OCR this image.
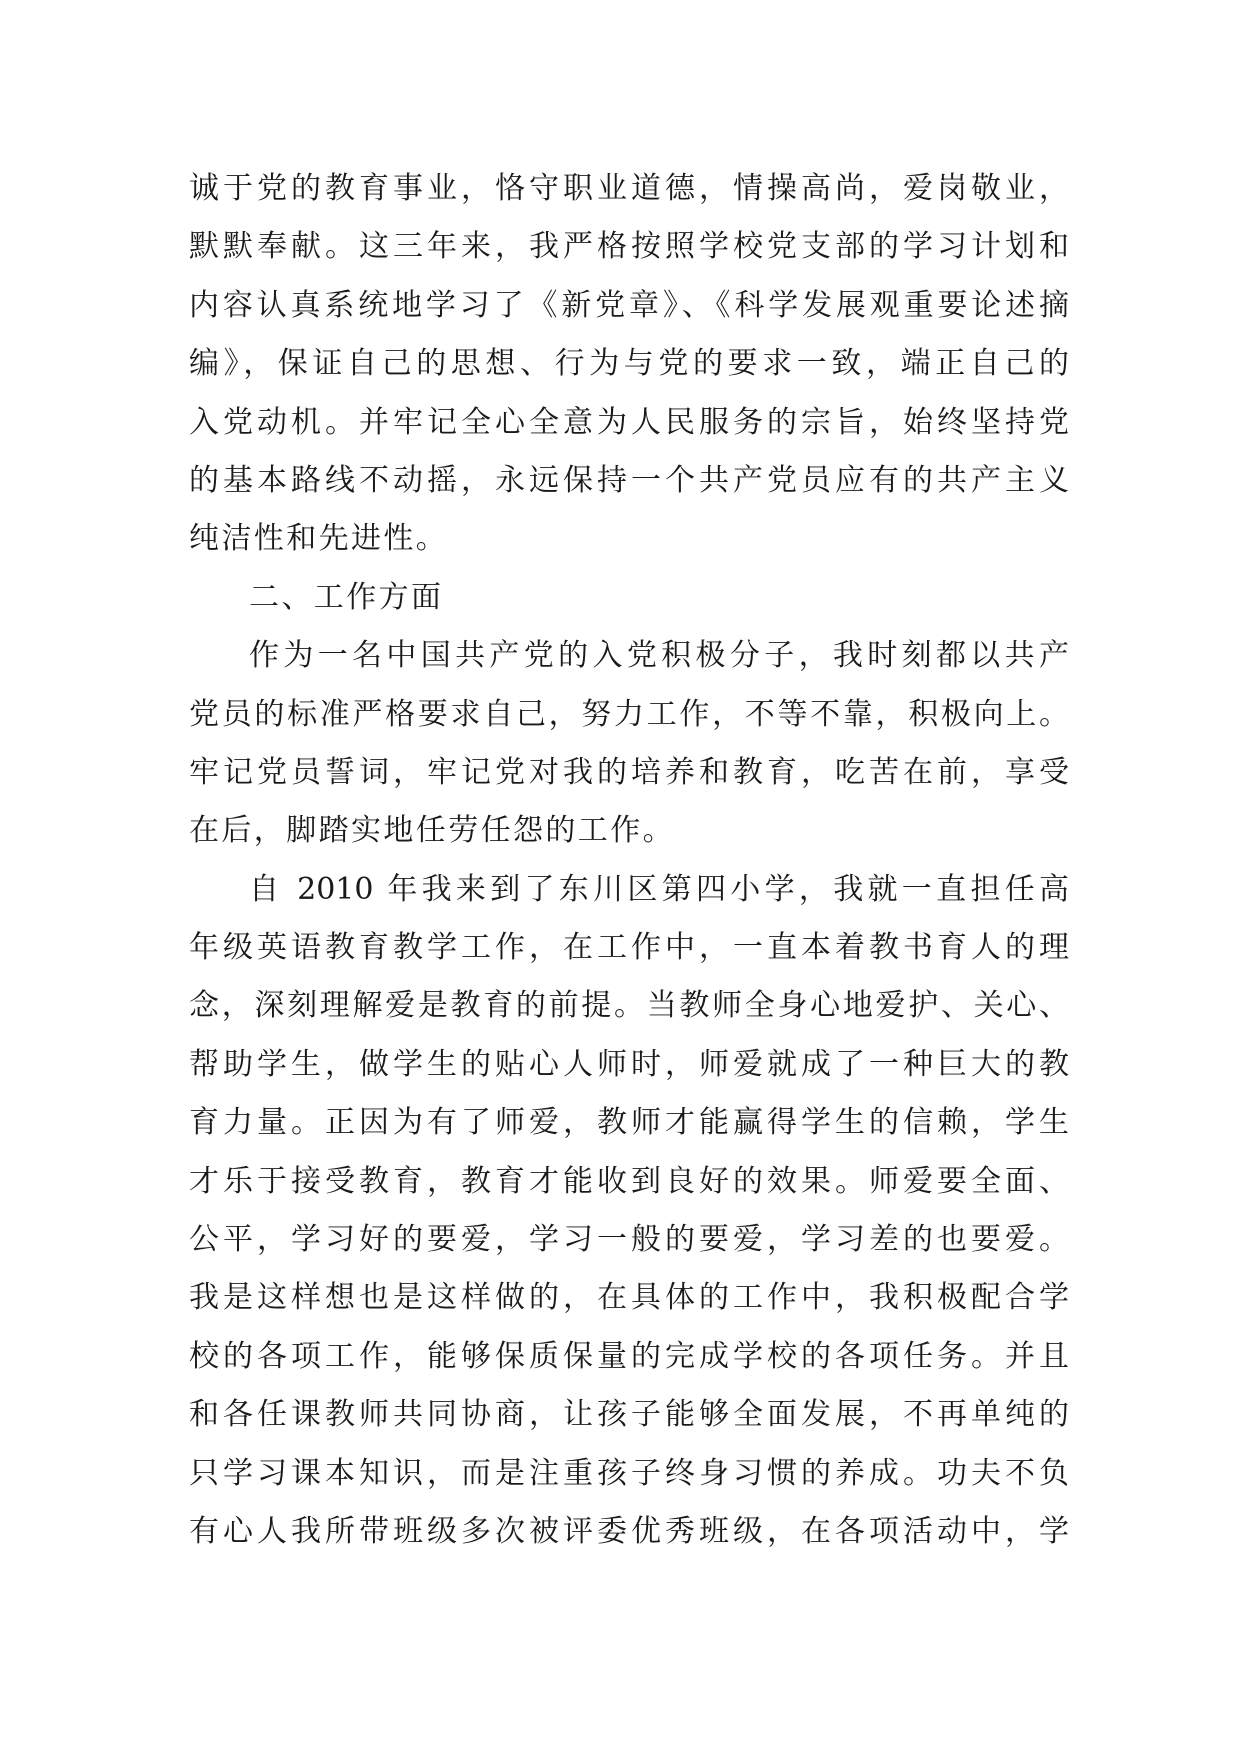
诚于党的教育事业，恪守职业道德，情操高尚，爱岗敬业，
默默奉献。这三年来，我严格按照学校党支部的学习计划和
内容认真系统地学习了《新党章》、《科学发展观重要论述摘
编》，保证自己的思想、行为与党的要求一致，端正自己的
入党动机。并牢记全心全意为人民服务的宗旨，始终坚持党
的基本路线不动摇，永远保持一个共产党员应有的共产主义
纯洁性和先进性。
二、工作方面
作为一名中国共产党的入党积极分子，我时刻都以共产
党员的标准严格要求自己，努力工作，不等不靠，积极向上。
牢记党员誓词，牢记党对我的培养和教育，吃苦在前，享受
在后，脚踏实地任劳任怨的工作。
自 2010 年我来到了东川区第四小学，我就一直担任高
年级英语教育教学工作，在工作中，一直本着教书育人的理
念，深刻理解爱是教育的前提。当教师全身心地爱护、关心、
帮助学生，做学生的贴心人师时，师爱就成了一种巨大的教
育力量。正因为有了师爱，教师才能赢得学生的信赖，学生
才乐于接受教育，教育才能收到良好的效果。师爱要全面、
公平，学习好的要爱，学习一般的要爱，学习差的也要爱。
我是这样想也是这样做的，在具体的工作中，我积极配合学
校的各项工作，能够保质保量的完成学校的各项任务。并且
和各任课教师共同协商，让孩子能够全面发展，不再单纯的
只学习课本知识，而是注重孩子终身习惯的养成。功夫不负
有心人我所带班级多次被评委优秀班级，在各项活动中，学
